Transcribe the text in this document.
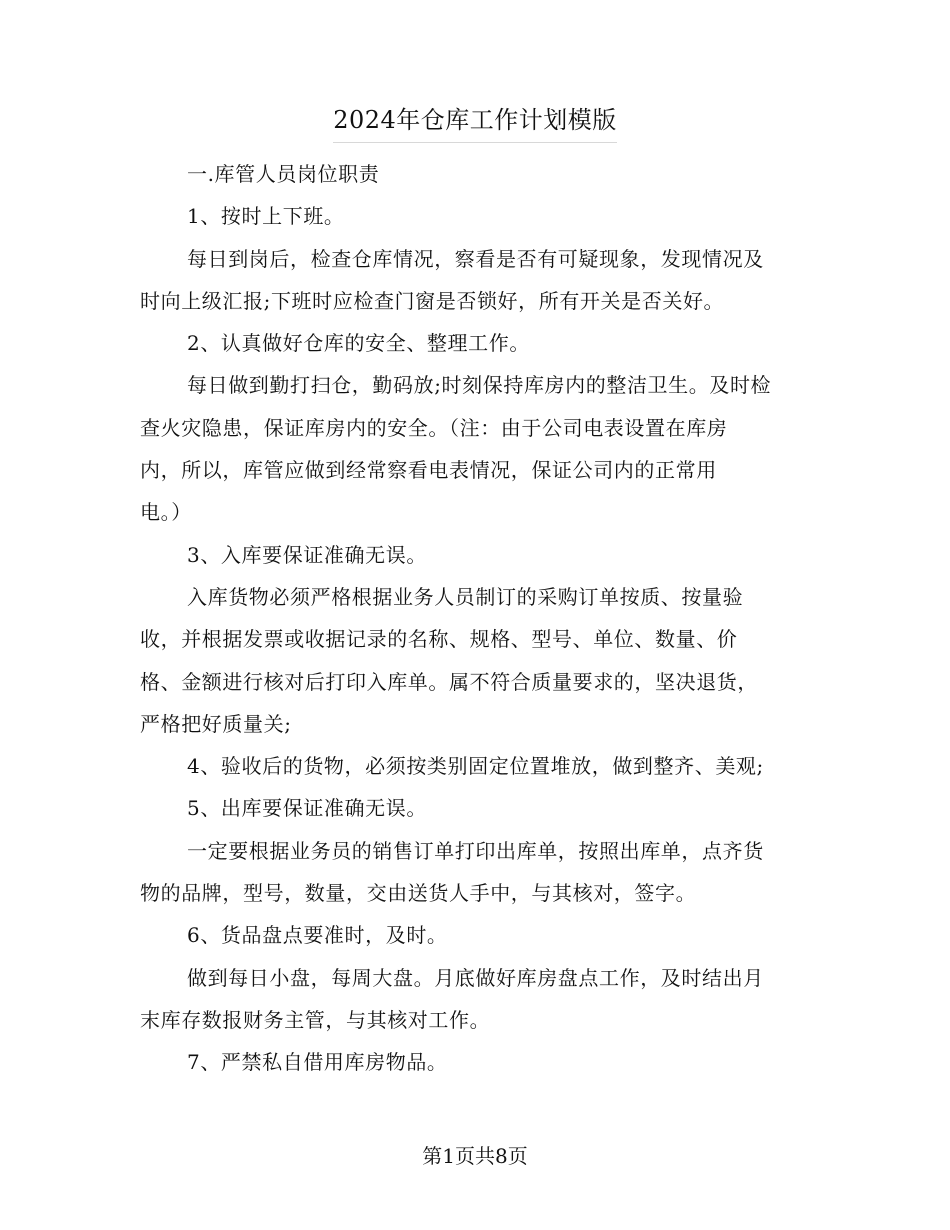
2024年仓库工作计划模版

一.库管人员岗位职责

1、按时上下班。

每日到岗后，检查仓库情况，察看是否有可疑现象，发现情况及

时向上级汇报;下班时应检查门窗是否锁好，所有开关是否关好。

2、认真做好仓库的安全、整理工作。

每日做到勤打扫仓，勤码放;时刻保持库房内的整洁卫生。及时检

查火灾隐患，保证库房内的安全。（注：由于公司电表设置在库房

内，所以，库管应做到经常察看电表情况，保证公司内的正常用

电。）

3、入库要保证准确无误。

入库货物必须严格根据业务人员制订的采购订单按质、按量验

收，并根据发票或收据记录的名称、规格、型号、单位、数量、价

格、金额进行核对后打印入库单。属不符合质量要求的，坚决退货，

严格把好质量关;

4、验收后的货物，必须按类别固定位置堆放，做到整齐、美观;

5、出库要保证准确无误。

一定要根据业务员的销售订单打印出库单，按照出库单，点齐货

物的品牌，型号，数量，交由送货人手中，与其核对，签字。

6、货品盘点要准时，及时。

做到每日小盘，每周大盘。月底做好库房盘点工作，及时结出月

末库存数报财务主管，与其核对工作。

7、严禁私自借用库房物品。

第1页共8页
